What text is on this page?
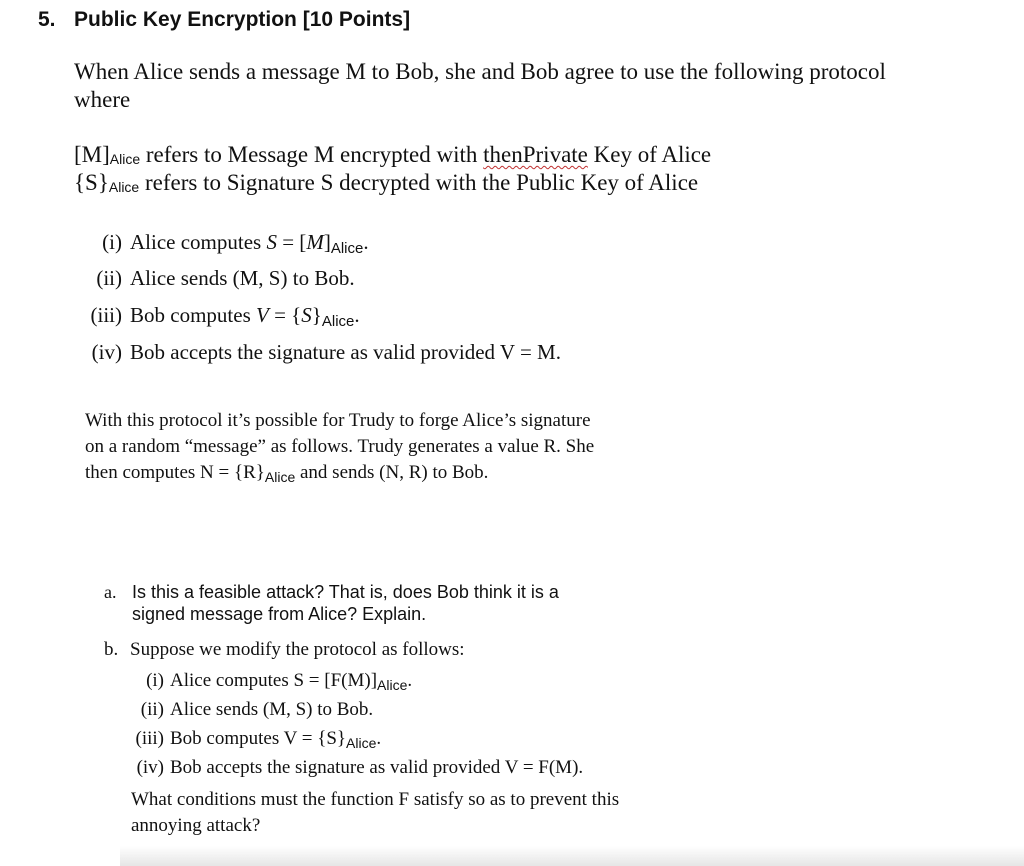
5. Public Key Encryption [10 Points]
When Alice sends a message M to Bob, she and Bob agree to use the following protocol
where
[M]Alice refers to Message M encrypted with thenPrivate Key of Alice
{S}Alice refers to Signature S decrypted with the Public Key of Alice
(i) Alice computes S = [M]Alice.
(ii) Alice sends (M, S) to Bob.
(iii) Bob computes V = {S}Alice.
(iv) Bob accepts the signature as valid provided V = M.
With this protocol it’s possible for Trudy to forge Alice’s signature
on a random “message” as follows. Trudy generates a value R. She
then computes $N = \{R\}_{Alice}$ and sends (N, R) to Bob.
a. Is this a feasible attack? That is, does Bob think it is a
signed message from Alice? Explain.
b. Suppose we modify the protocol as follows:
(i) Alice computes $S = [F(M)]_{Alice}$.
(ii) Alice sends (M, S) to Bob.
(iii) Bob computes $V = \{S\}_{Alice}$.
(iv) Bob accepts the signature as valid provided V = F(M).
What conditions must the function F satisfy so as to prevent this
annoying attack?
